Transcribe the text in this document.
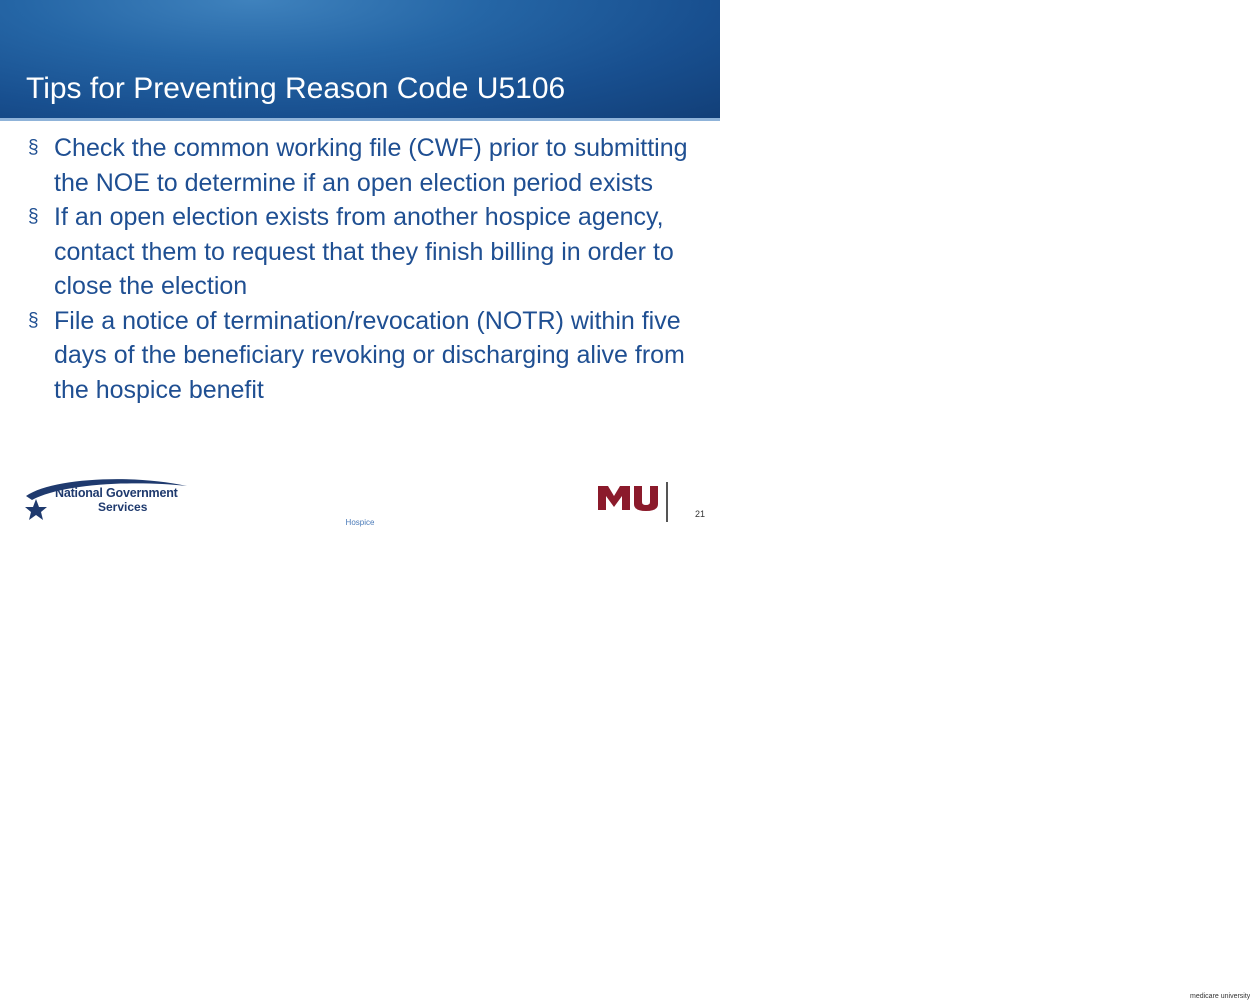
Tips for Preventing Reason Code U5106
§ Check the common working file (CWF) prior to submitting the NOE to determine if an open election period exists
§ If an open election exists from another hospice agency, contact them to request that they finish billing in order to close the election
§ File a notice of termination/revocation (NOTR) within five days of the beneficiary revoking or discharging alive from the hospice benefit
National Government
Services
Hospice
medicare university
21
